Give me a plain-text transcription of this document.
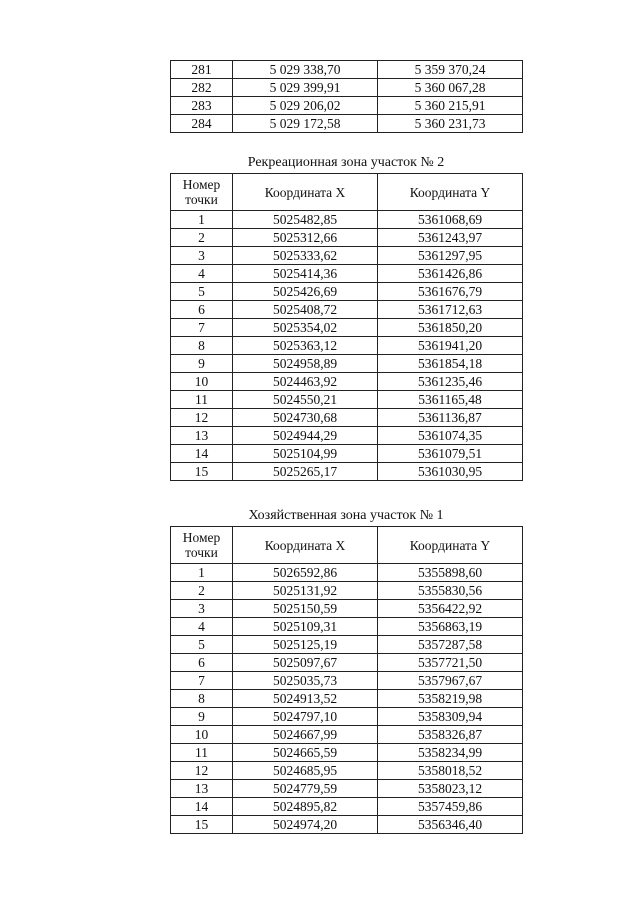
281	5 029 338,70	5 359 370,24
282	5 029 399,91	5 360 067,28
283	5 029 206,02	5 360 215,91
284	5 029 172,58	5 360 231,73
Рекреационная зона участок № 2
Номер точки	Координата X	Координата Y
1	5025482,85	5361068,69
2	5025312,66	5361243,97
3	5025333,62	5361297,95
4	5025414,36	5361426,86
5	5025426,69	5361676,79
6	5025408,72	5361712,63
7	5025354,02	5361850,20
8	5025363,12	5361941,20
9	5024958,89	5361854,18
10	5024463,92	5361235,46
11	5024550,21	5361165,48
12	5024730,68	5361136,87
13	5024944,29	5361074,35
14	5025104,99	5361079,51
15	5025265,17	5361030,95
Хозяйственная зона участок № 1
Номер точки	Координата X	Координата Y
1	5026592,86	5355898,60
2	5025131,92	5355830,56
3	5025150,59	5356422,92
4	5025109,31	5356863,19
5	5025125,19	5357287,58
6	5025097,67	5357721,50
7	5025035,73	5357967,67
8	5024913,52	5358219,98
9	5024797,10	5358309,94
10	5024667,99	5358326,87
11	5024665,59	5358234,99
12	5024685,95	5358018,52
13	5024779,59	5358023,12
14	5024895,82	5357459,86
15	5024974,20	5356346,40
